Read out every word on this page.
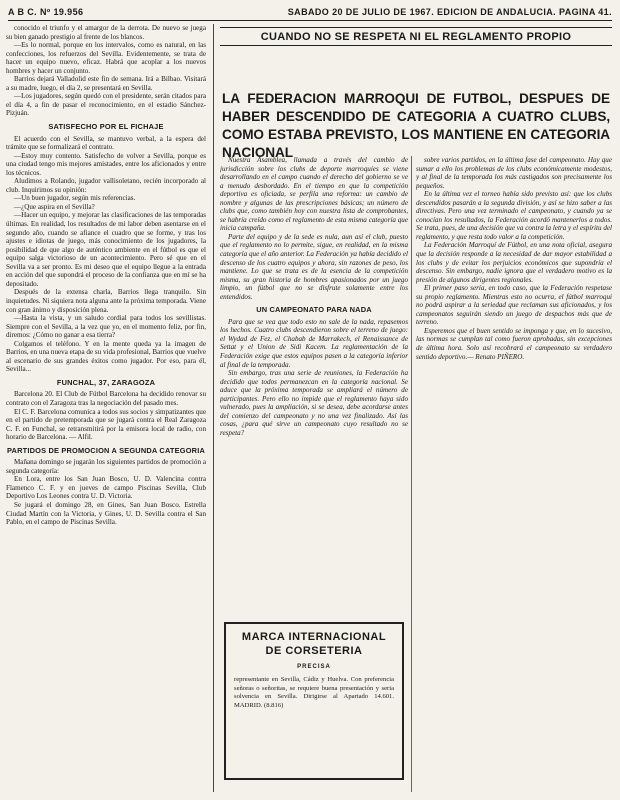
A B C. Nº 19.956	SABADO 20 DE JULIO DE 1967. EDICION DE ANDALUCIA. PAGINA 41.

conocido el triunfo y el amargor de la derrota. De nuevo se juega su bien ganado prestigio al frente de los blancos.

—Es lo normal, porque en los intervalos, como es natural, en las confecciones, los refuerzos del Sevilla. Evidentemente, se trata de hacer un equipo nuevo, eficaz. Habrá que acoplar a los nuevos hombres y hacer un conjunto.

Barrios dejará Valladolid este fin de semana. Irá a Bilbao. Visitará a su madre, luego, el día 2, se presentará en Sevilla.

—Los jugadores, según quedó con el presidente, serán citados para el día 4, a fin de pasar el reconocimiento, en el estadio Sánchez-Pizjuán.

SATISFECHO POR EL FICHAJE

El acuerdo con el Sevilla, se mantuvo verbal, a la espera del trámite que se formalizará el contrato.

—Estoy muy contento. Satisfecho de volver a Sevilla, porque es una ciudad tengo mis mejores amistades, entre los aficionados y entre los técnicos.

Aludimos a Rolando, jugador vallisoletano, recién incorporado al club. Inquirimos su opinión:

—Un buen jugador, según mis referencias.

—¿Que aspira en el Sevilla?

—Hacer un equipo, y mejorar las clasificaciones de las temporadas últimas. En realidad, los resultados de mi labor deben asentarse en el segundo año, cuando se afiance el cuadro que se forme, y tras los ajustes e idiotas de juego, más conocimiento de los jugadores, la posibilidad de que algo de auténtico ambiente en el fútbol es que el equipo salga victorioso de un acontecimiento. Pero sé que en el Sevilla va a ser pronto. Es mi deseo que el equipo llegue a la entrada en acción del que supondrá el proceso de la confianza que en mí se ha depositado.

Después de la extensa charla, Barrios llega tranquilo. Sin inquietudes. Ni siquiera nota alguna ante la próxima temporada. Viene con gran ánimo y disposición plena.

—Hasta la vista, y un saludo cordial para todos los sevillistas. Siempre con el Sevilla, a la vez que yo, en el momento feliz, por fin, diremos: ¿Cómo no ganar a esa tierra?

Colgamos el teléfono. Y en la mente queda ya la imagen de Barrios, en una nueva etapa de su vida profesional, Barrios que vuelve al escenario de sus grandes éxitos como jugador. Por eso, para él, Sevilla...

FUNCHAL, 37, ZARAGOZA

Barcelona 20. El Club de Fútbol Barcelona ha decidido renovar su contrato con el Zaragoza tras la negociación del pasado mes.

El C. F. Barcelona comunica a todos sus socios y simpatizantes que en el partido de pretemporada que se jugará contra el Real Zaragoza C. F. en Funchal, se retransmitirá por la emisora local de radio, con horario de Barcelona. — Alfil.

PARTIDOS DE PROMOCION A SEGUNDA CATEGORIA

Mañana domingo se jugarán los siguientes partidos de promoción a segunda categoría:

En Lora, entre los San Juan Bosco, U. D. Valencina contra Flamenco C. F. y en jueves de campo Piscinas Sevilla, Club Deportivo Los Leones contra U. D. Victoria.

Se jugará el domingo 28, en Gines, San Juan Bosco. Estrella Ciudad Martín con la Victoria, y Gines, U. D. Sevilla contra el San Pablo, en el campo de Piscinas Sevilla.

CUANDO NO SE RESPETA NI EL REGLAMENTO PROPIO
LA FEDERACION MARROQUI DE FUTBOL, DESPUES DE HABER DESCENDIDO DE CATEGORIA A CUATRO CLUBS, COMO ESTABA PREVISTO, LOS MANTIENE EN CATEGORIA NACIONAL

Nuestra Asamblea, llamada a través del cambio de jurisdicción sobre los clubs de deporte marroquíes se viene desarrollando en el campo cuando el derecho del gobierno se ve a menudo desbordado. En el tiempo en que la competición deportiva es oficiada, se perfila una reforma: un cambio de nombre y algunas de las prescripciones básicas; un número de clubs que, como también hoy con nuestra lista de comprobantes, se habría creído como el reglamento de esta misma categoría que inicia campaña.

Parte del equipo y de la sede es nula, aun así el club, puesto que el reglamento no lo permite, sigue, en realidad, en la misma categoría que el año anterior. La Federación ya había decidido el descenso de los cuatro equipos y ahora, sin razones de peso, los mantiene. Lo que se trata es de la esencia de la competición misma, su gran historia de hombres apasionados por un juego limpio, un fútbol que no se disfrute solamente entre los entendidos.

UN CAMPEONATO PARA NADA

Para que se vea que todo esto no sale de la nada, repasemos los hechos. Cuatro clubs descendieron sobre el terreno de juego: el Wydad de Fez, el Chabab de Marrakech, el Renaissance de Settat y el Union de Sidi Kacem. La reglamentación de la Federación exige que estos equipos pasen a la categoría inferior al final de la temporada.

Sin embargo, tras una serie de reuniones, la Federación ha decidido que todos permanezcan en la categoría nacional. Se aduce que la próxima temporada se ampliará el número de participantes. Pero ello no impide que el reglamento haya sido vulnerado, pues la ampliación, si se desea, debe acordarse antes del comienzo del campeonato y no una vez finalizado. Así las cosas, ¿para qué sirve un campeonato cuyo resultado no se respeta?

sobre varios partidos, en la última fase del campeonato. Hay que sumar a ello los problemas de los clubs económicamente modestos, y al final de la temporada los más castigados son precisamente los pequeños.

En la última vez el torneo había sido previsto así: que los clubs descendidos pasarán a la segunda división, y así se hizo saber a las directivas. Pero una vez terminado el campeonato, y cuando ya se conocían los resultados, la Federación acordó mantenerlos a todos. Se trata, pues, de una decisión que va contra la letra y el espíritu del reglamento, y que resta todo valor a la competición.

La Federación Marroquí de Fútbol, en una nota oficial, asegura que la decisión responde a la necesidad de dar mayor estabilidad a los clubs y de evitar los perjuicios económicos que supondría el descenso. Sin embargo, nadie ignora que el verdadero motivo es la presión de algunos dirigentes regionales.

El primer paso sería, en todo caso, que la Federación respetase su propio reglamento. Mientras esto no ocurra, el fútbol marroquí no podrá aspirar a la seriedad que reclaman sus aficionados, y los campeonatos seguirán siendo un juego de despachos más que de terreno.

Esperemos que el buen sentido se imponga y que, en lo sucesivo, las normas se cumplan tal como fueron aprobadas, sin excepciones de última hora. Solo así recobrará el campeonato su verdadero sentido deportivo.— Renato PIÑERO.

MARCA INTERNACIONAL DE CORSETERIA
PRECISA
representante en Sevilla, Cádiz y Huelva. Con preferencia señoras o señoritas, se requiere buena presentación y seria solvencia en Sevilla. Dirigirse al Apartado 14.601. MADRID. (8.816)
